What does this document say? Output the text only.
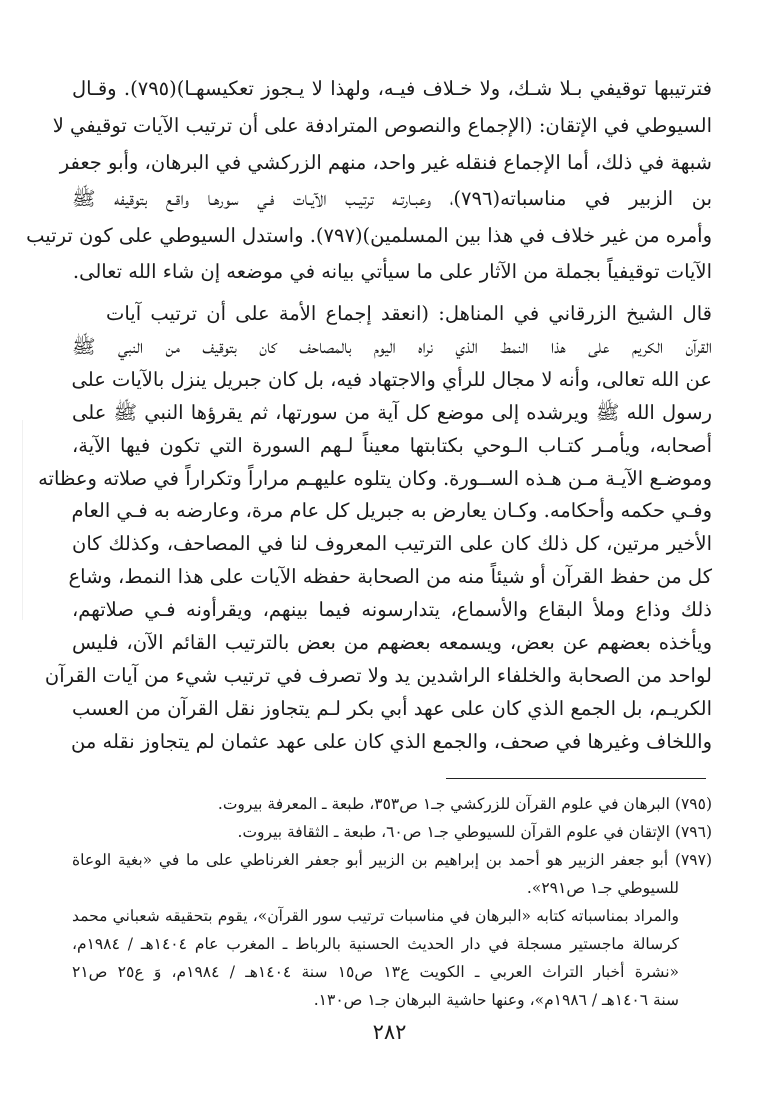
فترتيبها توقيفي بـلا شـك، ولا خـلاف فيـه، ولهذا لا يـجوز تعكيسهـا)(٧٩٥). وقـال
السيوطي في الإتقان: (الإجماع والنصوص المترادفة على أن ترتيب الآيات توقيفي لا
شبهة في ذلك، أما الإجماع فنقله غير واحد، منهم الزركشي في البرهان، وأبو جعفر
بن الزبير في مناسباته(٧٩٦)، وعبـارتـه ترتيـب الآيـات فـي سورهـا واقـع بتوقيفه ﷺ
وأمره من غير خلاف في هذا بين المسلمين)(٧٩٧). واستدل السيوطي على كون ترتيب
الآيات توقيفياً بجملة من الآثار على ما سيأتي بيانه في موضعه إن شاء الله تعالى.
قال الشيخ الزرقاني في المناهل: (انعقد إجماع الأمة على أن ترتيب آيات
القرآن الكريم على هذا النمط الذي نراه اليوم بالمصاحف كان بتوقيف من النبي ﷺ
عن الله تعالى، وأنه لا مجال للرأي والاجتهاد فيه، بل كان جبريل ينزل بالآيات على
رسول الله ﷺ ويرشده إلى موضع كل آية من سورتها، ثم يقرؤها النبي ﷺ على
أصحابه، ويأمـر كتـاب الـوحي بكتابتها معيناً لـهم السورة التي تكون فيها الآية،
وموضـع الآيـة مـن هـذه الســورة. وكان يتلوه عليهـم مراراً وتكراراً في صلاته وعظاته
وفـي حكمه وأحكامه. وكـان يعارض به جبريل كل عام مرة، وعارضه به فـي العام
الأخير مرتين، كل ذلك كان على الترتيب المعروف لنا في المصاحف، وكذلك كان
كل من حفظ القرآن أو شيئاً منه من الصحابة حفظه الآيات على هذا النمط، وشاع
ذلك وذاع وملأ البقاع والأسماع، يتدارسونه فيما بينهم، ويقرأونه فـي صلاتهم،
ويأخذه بعضهم عن بعض، ويسمعه بعضهم من بعض بالترتيب القائم الآن، فليس
لواحد من الصحابة والخلفاء الراشدين يد ولا تصرف في ترتيب شيء من آيات القرآن
الكريـم، بل الجمع الذي كان على عهد أبي بكر لـم يتجاوز نقل القرآن من العسب
واللخاف وغيرها في صحف، والجمع الذي كان على عهد عثمان لم يتجاوز نقله من
(٧٩٥) البرهان في علوم القرآن للزركشي جـ١ ص٣٥٣، طبعة ـ المعرفة بيروت.
(٧٩٦) الإتقان في علوم القرآن للسيوطي جـ١ ص٦٠، طبعة ـ الثقافة بيروت.
(٧٩٧) أبو جعفر الزبير هو أحمد بن إبراهيم بن الزبير أبو جعفر الغرناطي على ما في «بغية الوعاة
للسيوطي جـ١ ص٢٩١».
والمراد بمناسباته كتابه «البرهان في مناسبات ترتيب سور القرآن»، يقوم بتحقيقه شعباني محمد
كرسالة ماجستير مسجلة في دار الحديث الحسنية بالرباط ـ المغرب عام ١٤٠٤هـ / ١٩٨٤م،
«نشرة أخبار التراث العربي ـ الكويت ع١٣ ص١٥ سنة ١٤٠٤هـ / ١٩٨٤م، وَ ع٢٥ ص٢١
سنة ١٤٠٦هـ / ١٩٨٦م»، وعنها حاشية البرهان جـ١ ص١٣٠.
٢٨٢
